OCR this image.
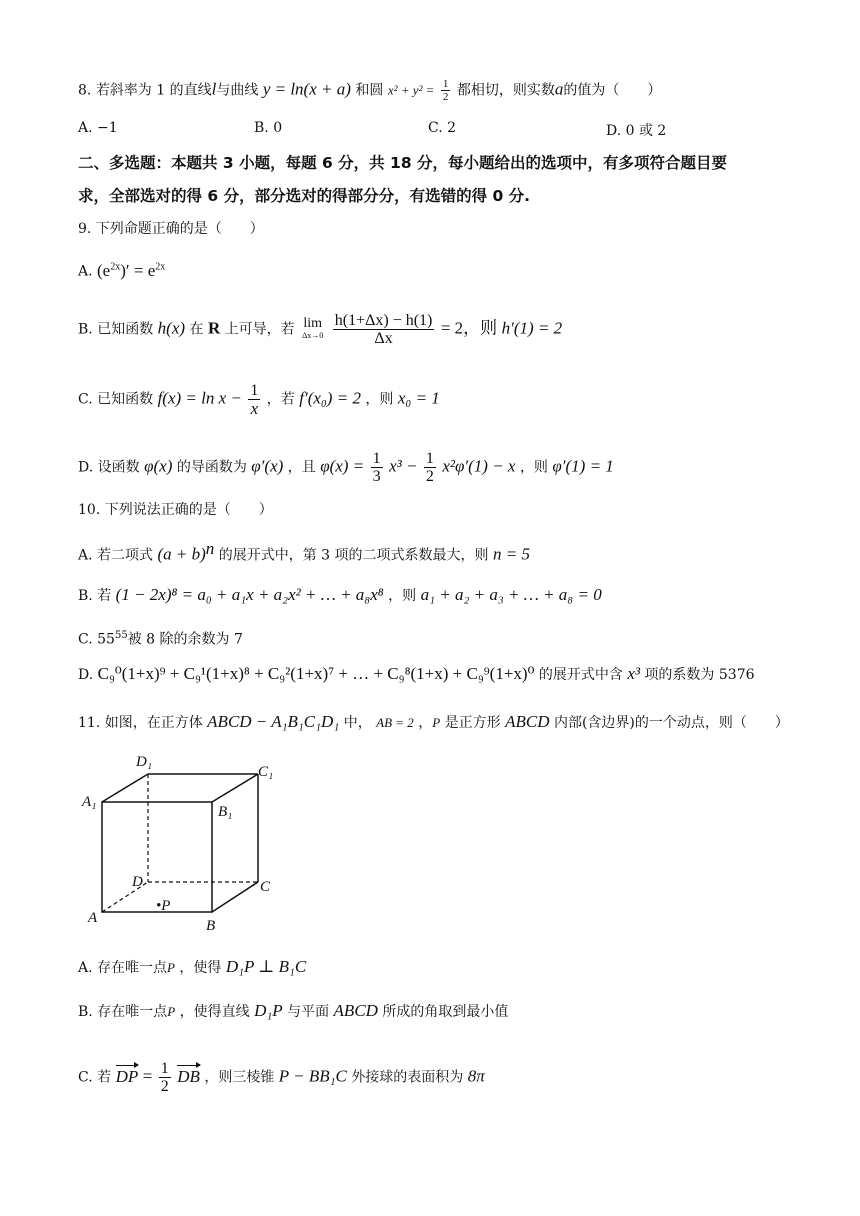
8. 若斜率为 1 的直线l与曲线 y = ln(x + a) 和圆 $x^2 + y^2 = \frac{1}{2}$ 都相切，则实数a的值为（　　）
A. −1	B. 0	C. 2	D. 0 或 2
二、多选题：本题共 3 小题，每题 6 分，共 18 分，每小题给出的选项中，有多项符合题目要
求，全部选对的得 6 分，部分选对的得部分分，有选错的得 0 分.
9. 下列命题正确的是（　　）
A. $(e^{2x})' = e^{2x}$
B. 已知函数 h(x) 在 R 上可导，若 lim
Δx→0
$\frac{h(1+\Delta x) - h(1)}{\Delta x} = 2$，则 h′(1) = 2
C. 已知函数 $f(x) = \ln x - \frac{1}{x}$ ，若 f′(x₀) = 2 ，则 x₀ = 1
D. 设函数 φ(x) 的导函数为 φ′(x) ，且 $\varphi(x) = \frac{1}{3} x^3 - \frac{1}{2} x^2\varphi'(1) - x$ ，则 φ′(1) = 1
10. 下列说法正确的是（　　）
A. 若二项式 $(a + b)^n$ 的展开式中，第 3 项的二项式系数最大，则 n = 5
B. 若 (1 − 2x)⁸ = a₀ + a₁x + a₂x² + … + a₈x⁸ ，则 a₁ + a₂ + a₃ + … + a₈ = 0
C. $55^{55}$被 8 除的余数为 7
D. C₉⁰(1+x)⁹ + C₉¹(1+x)⁸ + C₉²(1+x)⁷ + … + C₉⁸(1+x) + C₉⁹(1+x)⁰ 的展开式中含 x³ 项的系数为 5376
11. 如图，在正方体 ABCD − A₁B₁C₁D₁ 中， AB = 2 ，P 是正方形 ABCD 内部(含边界)的一个动点，则（　　）
D₁
C₁
A₁
B₁
D	C
•P
A	B
A. 存在唯一点P ，使得 D₁P ⊥ B₁C
B. 存在唯一点P ，使得直线 D₁P 与平面 ABCD 所成的角取到最小值
C. 若 DP = $\frac{1}{2}$ DB ，则三棱锥 P − BB₁C 外接球的表面积为 8π
